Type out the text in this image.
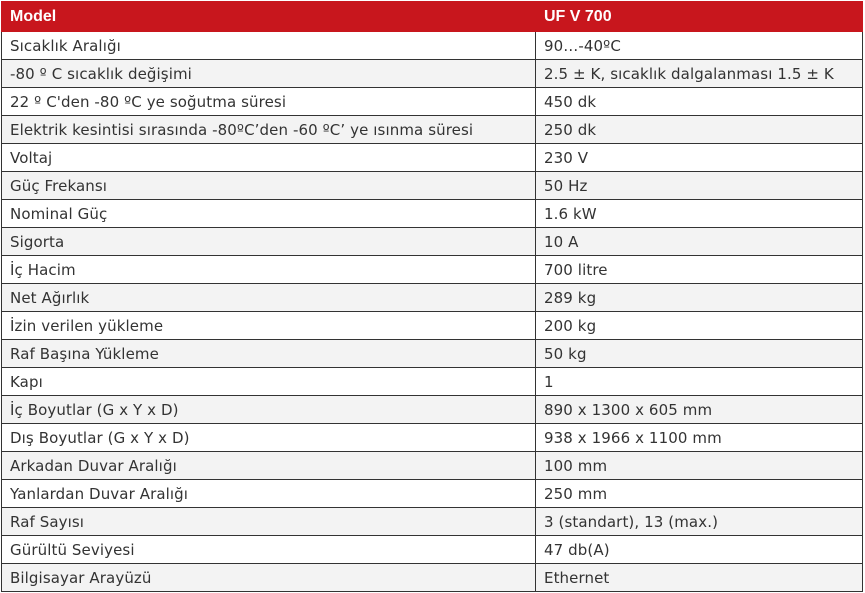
Model	UF V 700
Sıcaklık Aralığı	90…-40ºC
-80 º C sıcaklık değişimi	2.5 ± K, sıcaklık dalgalanması 1.5 ± K
22 º C'den -80 ºC ye soğutma süresi	450 dk
Elektrik kesintisi sırasında -80ºC’den -60 ºC’ ye ısınma süresi	250 dk
Voltaj	230 V
Güç Frekansı	50 Hz
Nominal Güç	1.6 kW
Sigorta	10 A
İç Hacim	700 litre
Net Ağırlık	289 kg
İzin verilen yükleme	200 kg
Raf Başına Yükleme	50 kg
Kapı	1
İç Boyutlar (G x Y x D)	890 x 1300 x 605 mm
Dış Boyutlar (G x Y x D)	938 x 1966 x 1100 mm
Arkadan Duvar Aralığı	100 mm
Yanlardan Duvar Aralığı	250 mm
Raf Sayısı	3 (standart), 13 (max.)
Gürültü Seviyesi	47 db(A)
Bilgisayar Arayüzü	Ethernet
